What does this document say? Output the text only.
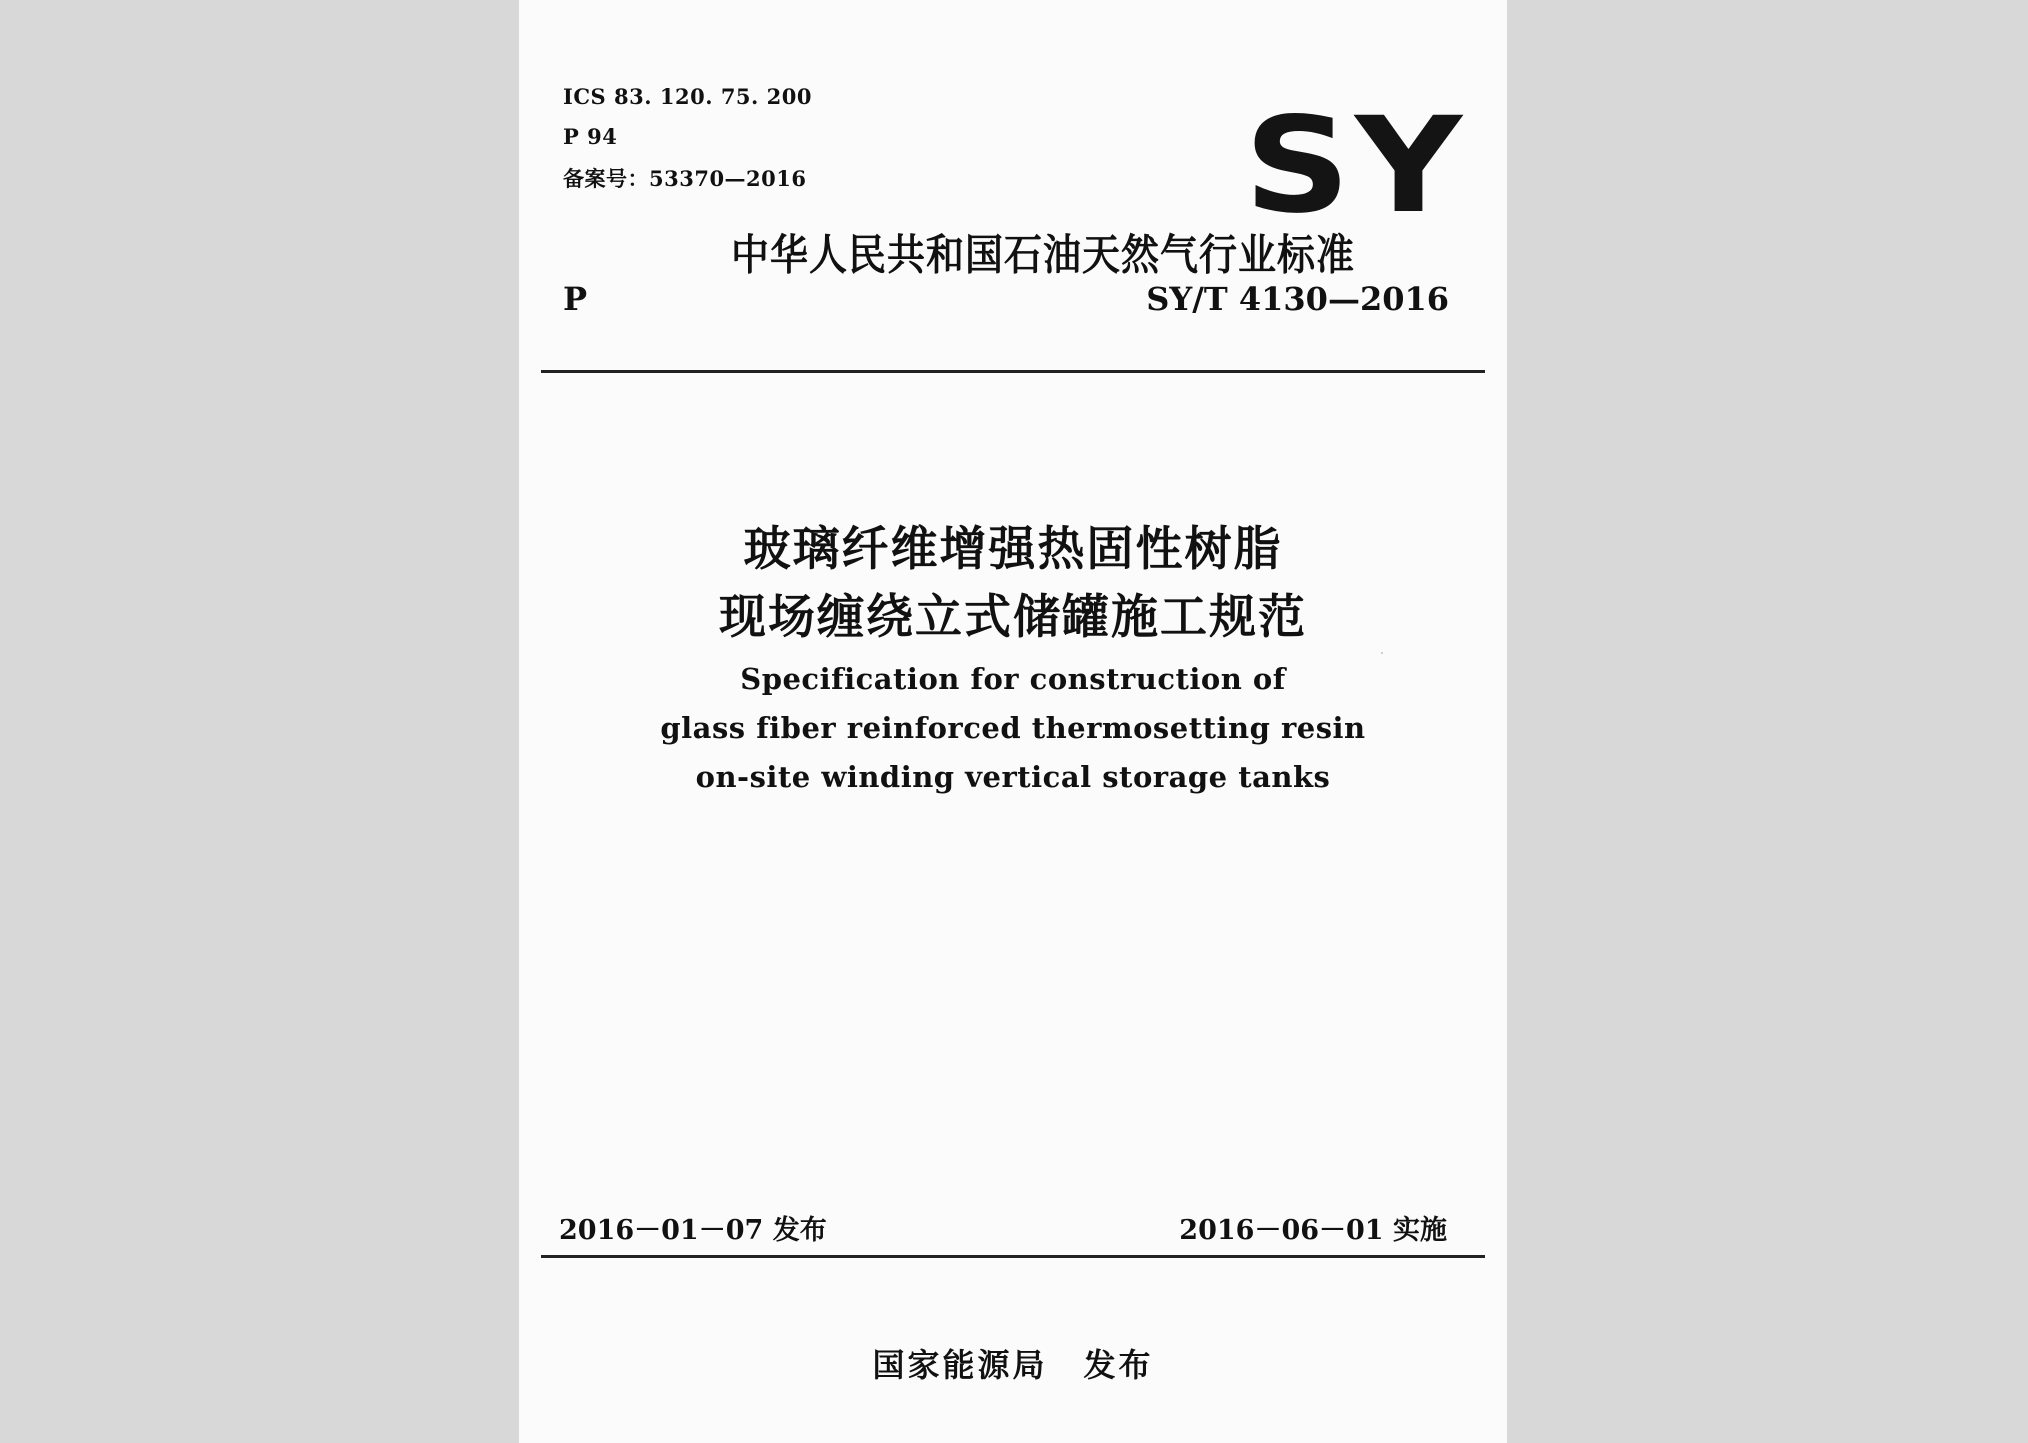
ICS 83. 120. 75. 200
P 94
备案号：53370—2016	SY
中华人民共和国石油天然气行业标准
P	SY/T 4130—2016
玻璃纤维增强热固性树脂
现场缠绕立式储罐施工规范
Specification for construction of
glass fiber reinforced thermosetting resin
on-site winding vertical storage tanks
2016－01－07 发布	2016－06－01 实施
国家能源局 发布
